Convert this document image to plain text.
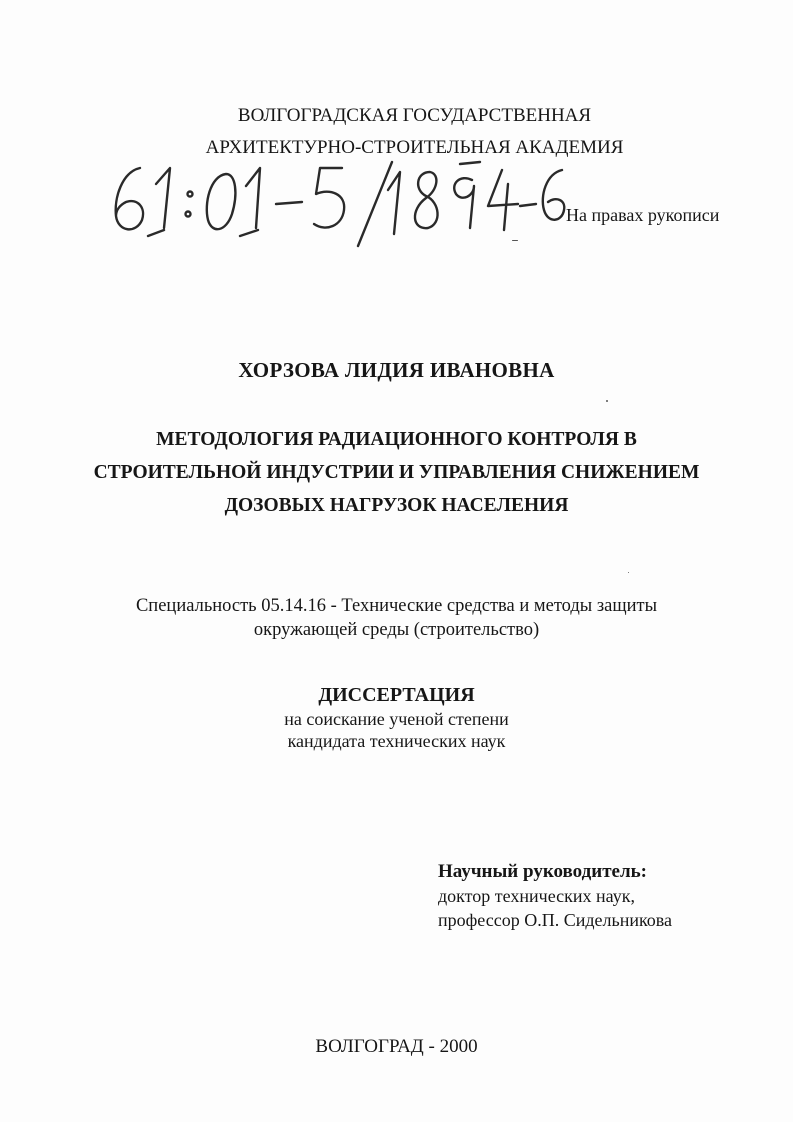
ВОЛГОГРАДСКАЯ ГОСУДАРСТВЕННАЯ
АРХИТЕКТУРНО-СТРОИТЕЛЬНАЯ АКАДЕМИЯ
На правах рукописи
ХОРЗОВА ЛИДИЯ ИВАНОВНА
МЕТОДОЛОГИЯ РАДИАЦИОННОГО КОНТРОЛЯ В
СТРОИТЕЛЬНОЙ ИНДУСТРИИ И УПРАВЛЕНИЯ СНИЖЕНИЕМ
ДОЗОВЫХ НАГРУЗОК НАСЕЛЕНИЯ
Специальность 05.14.16 - Технические средства и методы защиты
окружающей среды (строительство)
ДИССЕРТАЦИЯ
на соискание ученой степени
кандидата технических наук
Научный руководитель:
доктор технических наук,
профессор О.П. Сидельникова
ВОЛГОГРАД - 2000
